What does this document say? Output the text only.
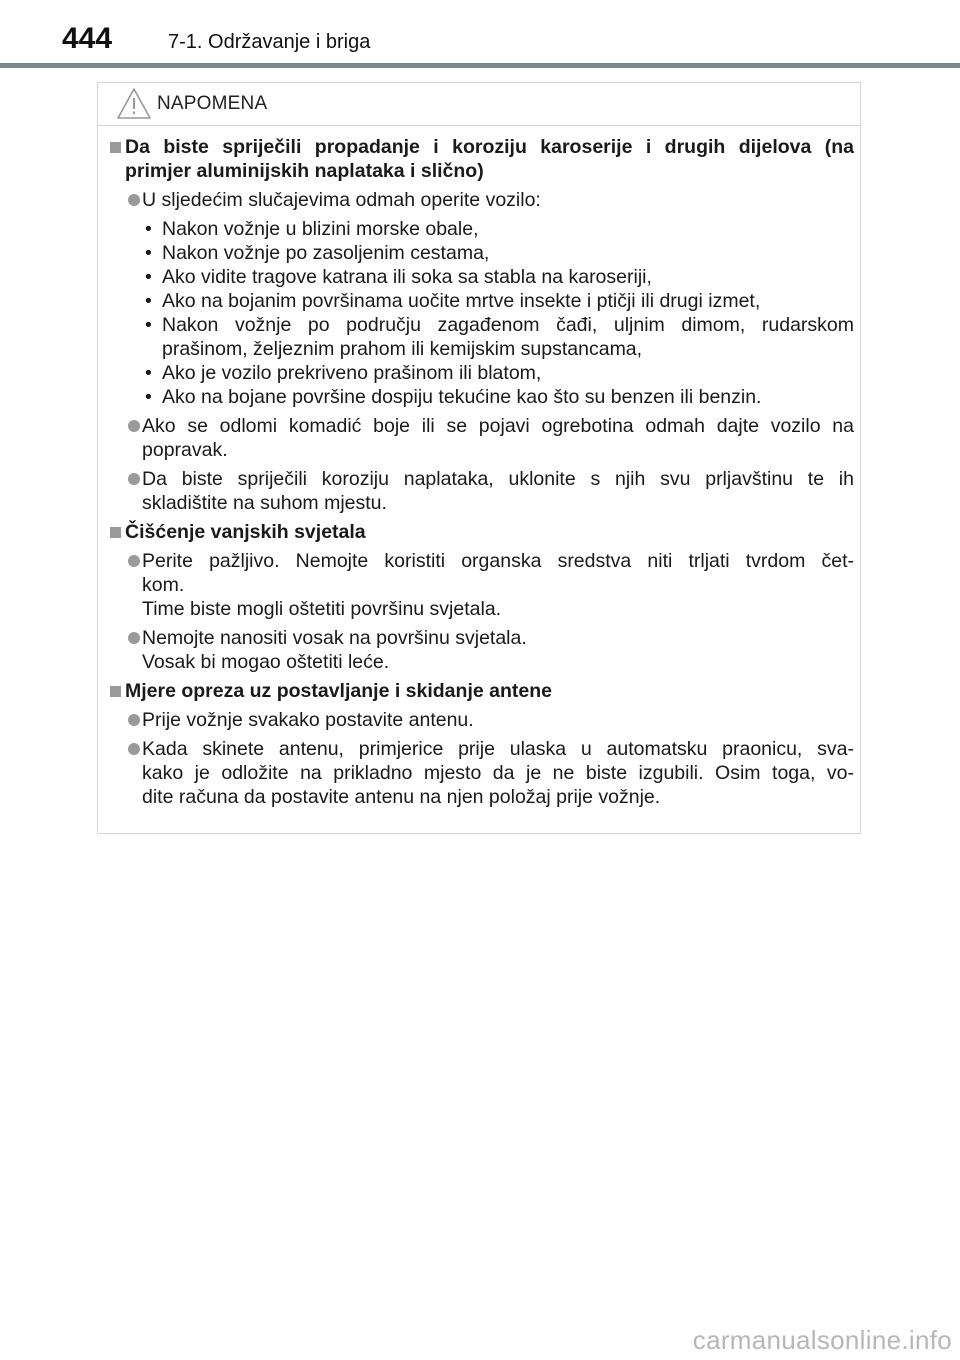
444	7-1. Održavanje i briga
NAPOMENA
Da biste spriječili propadanje i koroziju karoserije i drugih dijelova (na
primjer aluminijskih naplataka i slično)
U sljedećim slučajevima odmah operite vozilo:
• Nakon vožnje u blizini morske obale,
• Nakon vožnje po zasoljenim cestama,
• Ako vidite tragove katrana ili soka sa stabla na karoseriji,
• Ako na bojanim površinama uočite mrtve insekte i ptičji ili drugi izmet,
• Nakon vožnje po području zagađenom čađi, uljnim dimom, rudarskom
prašinom, željeznim prahom ili kemijskim supstancama,
• Ako je vozilo prekriveno prašinom ili blatom,
• Ako na bojane površine dospiju tekućine kao što su benzen ili benzin.
Ako se odlomi komadić boje ili se pojavi ogrebotina odmah dajte vozilo na
popravak.
Da biste spriječili koroziju naplataka, uklonite s njih svu prljavštinu te ih
skladištite na suhom mjestu.
Čišćenje vanjskih svjetala
Perite pažljivo. Nemojte koristiti organska sredstva niti trljati tvrdom čet-
kom.
Time biste mogli oštetiti površinu svjetala.
Nemojte nanositi vosak na površinu svjetala.
Vosak bi mogao oštetiti leće.
Mjere opreza uz postavljanje i skidanje antene
Prije vožnje svakako postavite antenu.
Kada skinete antenu, primjerice prije ulaska u automatsku praonicu, sva-
kako je odložite na prikladno mjesto da je ne biste izgubili. Osim toga, vo-
dite računa da postavite antenu na njen položaj prije vožnje.
carmanualsonline.info
